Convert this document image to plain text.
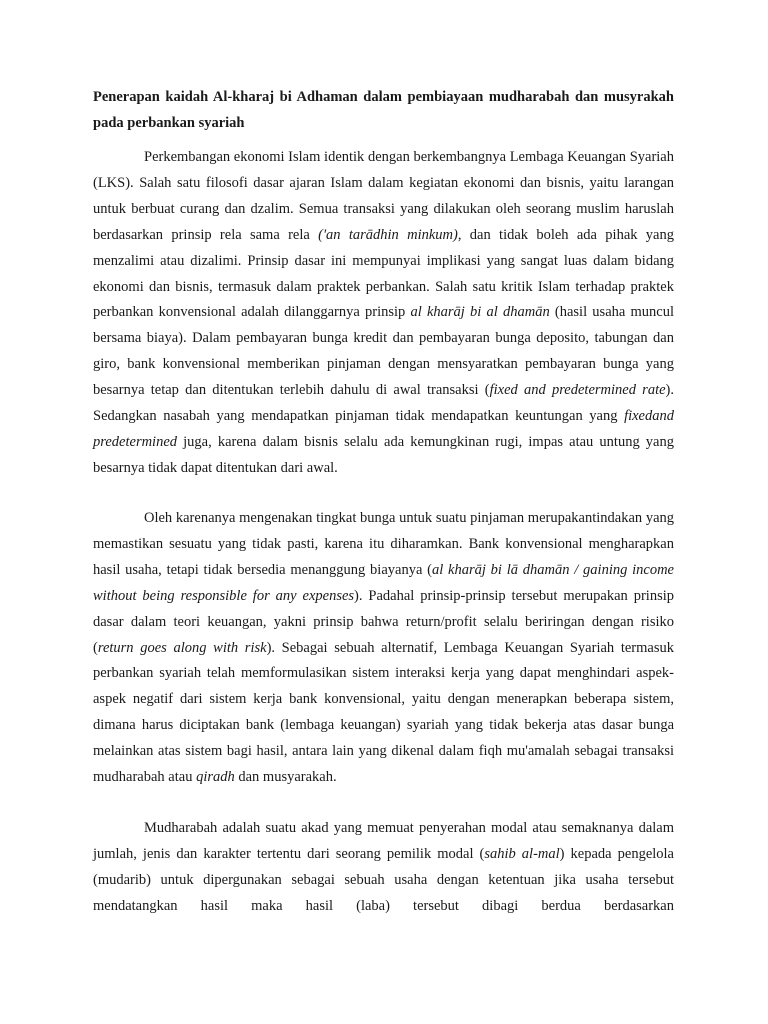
Penerapan kaidah Al-kharaj bi Adhaman dalam pembiayaan mudharabah dan musyrakah pada perbankan syariah

Perkembangan ekonomi Islam identik dengan berkembangnya Lembaga Keuangan Syariah (LKS). Salah satu filosofi dasar ajaran Islam dalam kegiatan ekonomi dan bisnis, yaitu larangan untuk berbuat curang dan dzalim. Semua transaksi yang dilakukan oleh seorang muslim haruslah berdasarkan prinsip rela sama rela ('an tarādhin minkum), dan tidak boleh ada pihak yang menzalimi atau dizalimi. Prinsip dasar ini mempunyai implikasi yang sangat luas dalam bidang ekonomi dan bisnis, termasuk dalam praktek perbankan. Salah satu kritik Islam terhadap praktek perbankan konvensional adalah dilanggarnya prinsip al kharāj bi al dhamān (hasil usaha muncul bersama biaya). Dalam pembayaran bunga kredit dan pembayaran bunga deposito, tabungan dan giro, bank konvensional memberikan pinjaman dengan mensyaratkan pembayaran bunga yang besarnya tetap dan ditentukan terlebih dahulu di awal transaksi (fixed and predetermined rate). Sedangkan nasabah yang mendapatkan pinjaman tidak mendapatkan keuntungan yang fixedand predetermined juga, karena dalam bisnis selalu ada kemungkinan rugi, impas atau untung yang besarnya tidak dapat ditentukan dari awal.

Oleh karenanya mengenakan tingkat bunga untuk suatu pinjaman merupakantindakan yang memastikan sesuatu yang tidak pasti, karena itu diharamkan. Bank konvensional mengharapkan hasil usaha, tetapi tidak bersedia menanggung biayanya (al kharāj bi lā dhamān / gaining income without being responsible for any expenses). Padahal prinsip-prinsip tersebut merupakan prinsip dasar dalam teori keuangan, yakni prinsip bahwa return/profit selalu beriringan dengan risiko (return goes along with risk). Sebagai sebuah alternatif, Lembaga Keuangan Syariah termasuk perbankan syariah telah memformulasikan sistem interaksi kerja yang dapat menghindari aspek-aspek negatif dari sistem kerja bank konvensional, yaitu dengan menerapkan beberapa sistem, dimana harus diciptakan bank (lembaga keuangan) syariah yang tidak bekerja atas dasar bunga melainkan atas sistem bagi hasil, antara lain yang dikenal dalam fiqh mu'amalah sebagai transaksi mudharabah atau qiradh dan musyarakah.

Mudharabah adalah suatu akad yang memuat penyerahan modal atau semaknanya dalam jumlah, jenis dan karakter tertentu dari seorang pemilik modal (sahib al-mal) kepada pengelola (mudarib) untuk dipergunakan sebagai sebuah usaha dengan ketentuan jika usaha tersebut mendatangkan hasil maka hasil (laba) tersebut dibagi berdua berdasarkan
